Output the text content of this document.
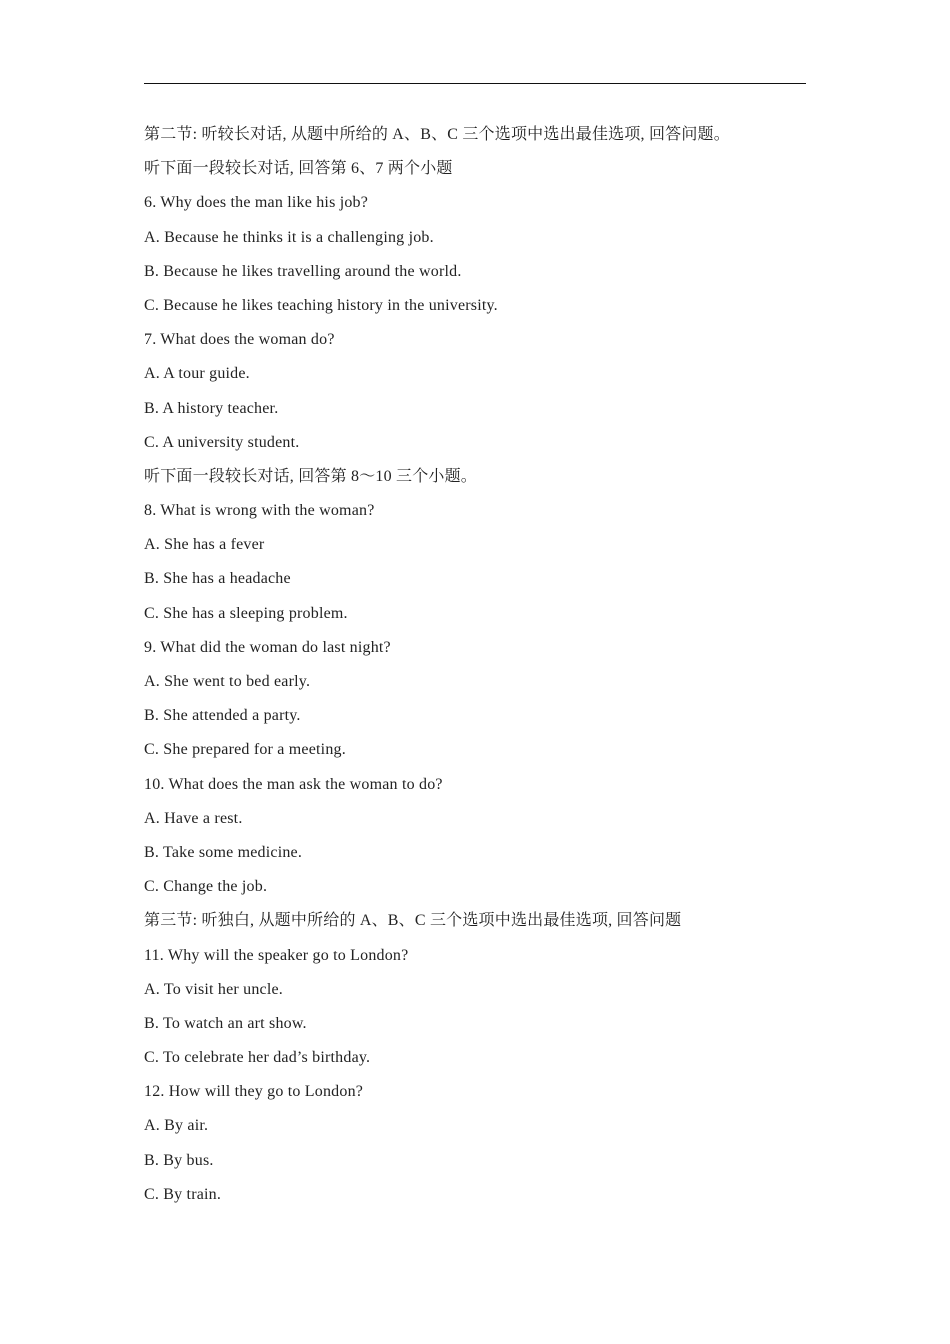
第二节: 听较长对话, 从题中所给的 A、B、C 三个选项中选出最佳选项, 回答问题。
听下面一段较长对话, 回答第 6、7 两个小题
6. Why does the man like his job?
A. Because he thinks it is a challenging job.
B. Because he likes travelling around the world.
C. Because he likes teaching history in the university.
7. What does the woman do?
A. A tour guide.
B. A history teacher.
C. A university student.
听下面一段较长对话, 回答第 8～10 三个小题。
8. What is wrong with the woman?
A. She has a fever
B. She has a headache
C. She has a sleeping problem.
9. What did the woman do last night?
A. She went to bed early.
B. She attended a party.
C. She prepared for a meeting.
10. What does the man ask the woman to do?
A. Have a rest.
B. Take some medicine.
C. Change the job.
第三节: 听独白, 从题中所给的 A、B、C 三个选项中选出最佳选项, 回答问题
11. Why will the speaker go to London?
A. To visit her uncle.
B. To watch an art show.
C. To celebrate her dad’s birthday.
12. How will they go to London?
A. By air.
B. By bus.
C. By train.
